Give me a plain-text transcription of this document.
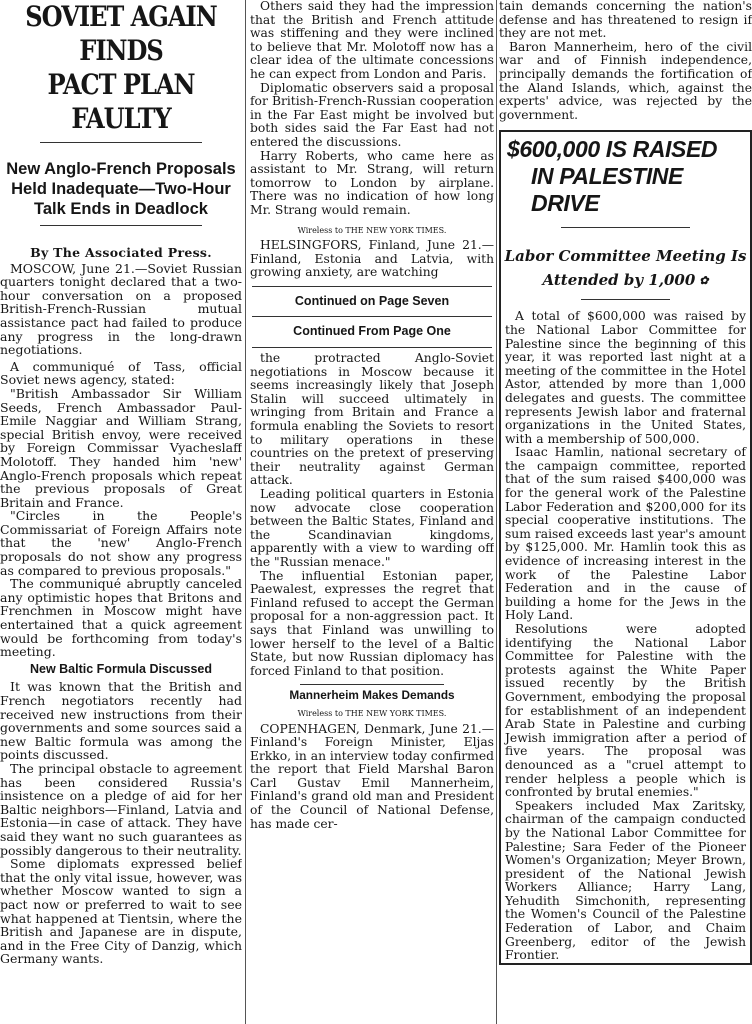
SOVIET AGAIN FINDS
PACT PLAN FAULTY
New Anglo-French Proposals
Held Inadequate—Two-Hour
Talk Ends in Deadlock

By The Associated Press.

MOSCOW, June 21.—Soviet Russian quarters tonight declared that a two-hour conversation on a proposed British-French-Russian mutual assistance pact had failed to produce any progress in the long-drawn negotiations.

A communiqué of Tass, official Soviet news agency, stated:

"British Ambassador Sir William Seeds, French Ambassador Paul-Emile Naggiar and William Strang, special British envoy, were received by Foreign Commissar Vyacheslaff Molotoff. They handed him 'new' Anglo-French proposals which repeat the previous proposals of Great Britain and France.

"Circles in the People's Commissariat of Foreign Affairs note that the 'new' Anglo-French proposals do not show any progress as compared to previous proposals."

The communiqué abruptly canceled any optimistic hopes that Britons and Frenchmen in Moscow might have entertained that a quick agreement would be forthcoming from today's meeting.

New Baltic Formula Discussed

It was known that the British and French negotiators recently had received new instructions from their governments and some sources said a new Baltic formula was among the points discussed.

The principal obstacle to agreement has been considered Russia's insistence on a pledge of aid for her Baltic neighbors—Finland, Latvia and Estonia—in case of attack. They have said they want no such guarantees as possibly dangerous to their neutrality.

Some diplomats expressed belief that the only vital issue, however, was whether Moscow wanted to sign a pact now or preferred to wait to see what happened at Tientsin, where the British and Japanese are in dispute, and in the Free City of Danzig, which Germany wants.

Others said they had the impression that the British and French attitude was stiffening and they were inclined to believe that Mr. Molotoff now has a clear idea of the ultimate concessions he can expect from London and Paris.

Diplomatic observers said a proposal for British-French-Russian cooperation in the Far East might be involved but both sides said the Far East had not entered the discussions.

Harry Roberts, who came here as assistant to Mr. Strang, will return tomorrow to London by airplane. There was no indication of how long Mr. Strang would remain.

Wireless to THE NEW YORK TIMES.

HELSINGFORS, Finland, June 21.—Finland, Estonia and Latvia, with growing anxiety, are watching

Continued on Page Seven

Continued From Page One

the protracted Anglo-Soviet negotiations in Moscow because it seems increasingly likely that Joseph Stalin will succeed ultimately in wringing from Britain and France a formula enabling the Soviets to resort to military operations in these countries on the pretext of preserving their neutrality against German attack.

Leading political quarters in Estonia now advocate close cooperation between the Baltic States, Finland and the Scandinavian kingdoms, apparently with a view to warding off the "Russian menace."

The influential Estonian paper, Paewalest, expresses the regret that Finland refused to accept the German proposal for a non-aggression pact. It says that Finland was unwilling to lower herself to the level of a Baltic State, but now Russian diplomacy has forced Finland to that position.

Mannerheim Makes Demands

Wireless to THE NEW YORK TIMES.

COPENHAGEN, Denmark, June 21.—Finland's Foreign Minister, Eljas Erkko, in an interview today confirmed the report that Field Marshal Baron Carl Gustav Emil Mannerheim, Finland's grand old man and President of the Council of National Defense, has made cer-

tain demands concerning the nation's defense and has threatened to resign if they are not met.

Baron Mannerheim, hero of the civil war and of Finnish independence, principally demands the fortification of the Aland Islands, which, against the experts' advice, was rejected by the government.

$600,000 IS RAISED
IN PALESTINE DRIVE
Labor Committee Meeting Is
Attended by 1,000 ✿

A total of $600,000 was raised by the National Labor Committee for Palestine since the beginning of this year, it was reported last night at a meeting of the committee in the Hotel Astor, attended by more than 1,000 delegates and guests. The committee represents Jewish labor and fraternal organizations in the United States, with a membership of 500,000.

Isaac Hamlin, national secretary of the campaign committee, reported that of the sum raised $400,000 was for the general work of the Palestine Labor Federation and $200,000 for its special cooperative institutions. The sum raised exceeds last year's amount by $125,000. Mr. Hamlin took this as evidence of increasing interest in the work of the Palestine Labor Federation and in the cause of building a home for the Jews in the Holy Land.

Resolutions were adopted identifying the National Labor Committee for Palestine with the protests against the White Paper issued recently by the British Government, embodying the proposal for establishment of an independent Arab State in Palestine and curbing Jewish immigration after a period of five years. The proposal was denounced as a "cruel attempt to render helpless a people which is confronted by brutal enemies."

Speakers included Max Zaritsky, chairman of the campaign conducted by the National Labor Committee for Palestine; Sara Feder of the Pioneer Women's Organization; Meyer Brown, president of the National Jewish Workers Alliance; Harry Lang, Yehudith Simchonith, representing the Women's Council of the Palestine Federation of Labor, and Chaim Greenberg, editor of the Jewish Frontier.
